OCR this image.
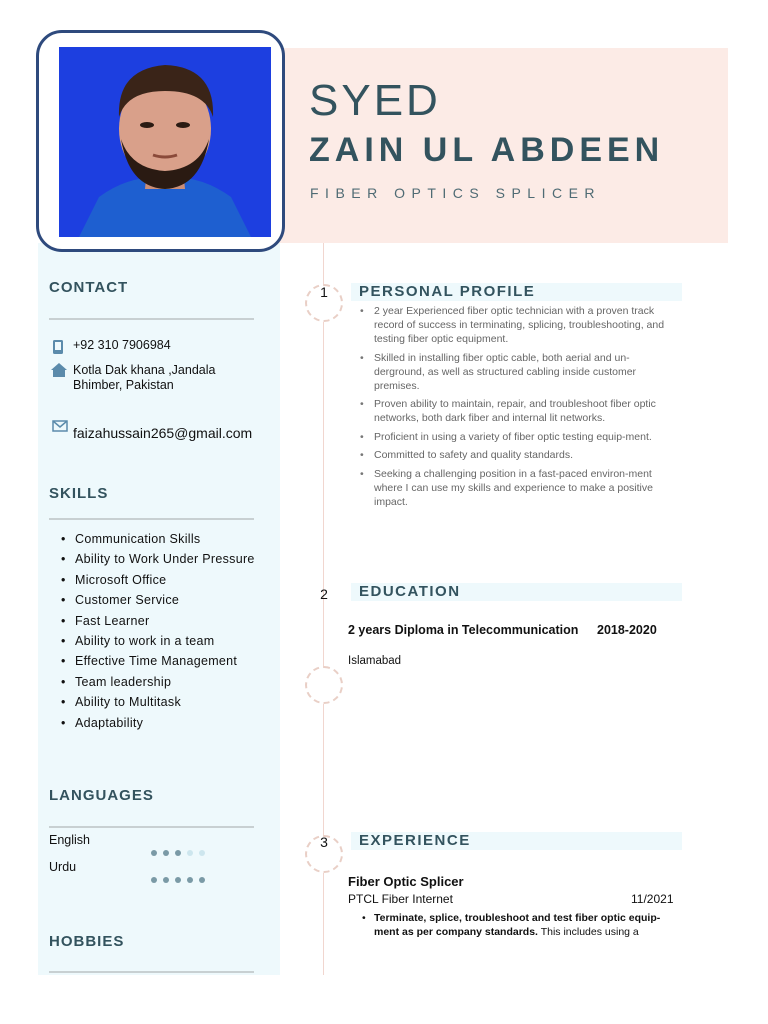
SYED
ZAIN UL ABDEEN
FIBER OPTICS SPLICER
CONTACT
+92 310 7906984
Kotla Dak khana ,Jandala
Bhimber, Pakistan
faizahussain265@gmail.com
SKILLS
• Communication Skills
• Ability to Work Under Pressure
• Microsoft Office
• Customer Service
• Fast Learner
• Ability to work in a team
• Effective Time Management
• Team leadership
• Ability to Multitask
• Adaptability
LANGUAGES
English
Urdu
HOBBIES
1
2
3
PERSONAL PROFILE
• 2 year Experienced fiber optic technician with a proven track record of success in terminating, splicing, troubleshooting, and testing fiber optic equipment.
• Skilled in installing fiber optic cable, both aerial and un-derground, as well as structured cabling inside customer premises.
• Proven ability to maintain, repair, and troubleshoot fiber optic networks, both dark fiber and internal lit networks.
• Proficient in using a variety of fiber optic testing equip-ment.
• Committed to safety and quality standards.
• Seeking a challenging position in a fast-paced environ-ment where I can use my skills and experience to make a positive impact.
EDUCATION
2 years Diploma in Telecommunication 2018-2020
Islamabad
EXPERIENCE
Fiber Optic Splicer
PTCL Fiber Internet	11/2021
• Terminate, splice, troubleshoot and test fiber optic equip-ment as per company standards. This includes using a
